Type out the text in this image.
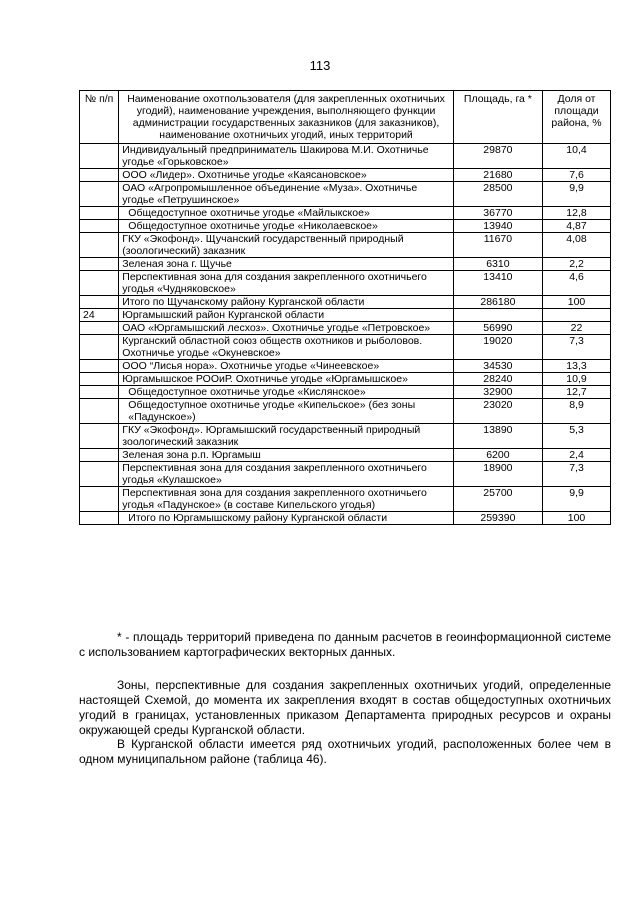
113
№ п/п	Наименование охотпользователя (для закрепленных охотничьих угодий), наименование учреждения, выполняющего функции администрации государственных заказников (для заказников), наименование охотничьих угодий, иных территорий	Площадь, га *	Доля от площади района, %
	Индивидуальный предприниматель Шакирова М.И. Охотничье угодье «Горьковское»	29870	10,4
	ООО «Лидер». Охотничье угодье «Каясановское»	21680	7,6
	ОАО «Агропромышленное объединение «Муза». Охотничье угодье «Петрушинское»	28500	9,9
	Общедоступное охотничье угодье «Майлыкское»	36770	12,8
	Общедоступное охотничье угодье «Николаевское»	13940	4,87
	ГКУ «Экофонд». Щучанский государственный природный (зоологический) заказник	11670	4,08
	Зеленая зона г. Щучье	6310	2,2
	Перспективная зона для создания закрепленного охотничьего угодья «Чудняковское»	13410	4,6
	Итого по Щучанскому району Курганской области	286180	100
24	Юргамышский район Курганской области		
	ОАО «Юргамышский лесхоз». Охотничье угодье «Петровское»	56990	22
	Курганский областной союз обществ охотников и рыболовов. Охотничье угодье «Окуневское»	19020	7,3
	ООО “Лисья нора». Охотничье угодье «Чинеевское»	34530	13,3
	Юргамышское РООиР. Охотничье угодье «Юргамышское»	28240	10,9
	Общедоступное охотничье угодье «Кислянское»	32900	12,7
	Общедоступное охотничье угодье «Кипельское» (без зоны «Падунское»)	23020	8,9
	ГКУ «Экофонд». Юргамышский государственный природный зоологический заказник	13890	5,3
	Зеленая зона р.п. Юргамыш	6200	2,4
	Перспективная зона для создания закрепленного охотничьего угодья «Кулашское»	18900	7,3
	Перспективная зона для создания закрепленного охотничьего угодья «Падунское» (в составе Кипельского угодья)	25700	9,9
	Итого по Юргамышскому району Курганской области	259390	100

* - площадь территорий приведена по данным расчетов в геоинформационной системе с использованием картографических векторных данных.

Зоны, перспективные для создания закрепленных охотничьих угодий, определенные настоящей Схемой, до момента их закрепления входят в состав общедоступных охотничьих угодий в границах, установленных приказом Департамента природных ресурсов и охраны окружающей среды Курганской области.

В Курганской области имеется ряд охотничьих угодий, расположенных более чем в одном муниципальном районе (таблица 46).
